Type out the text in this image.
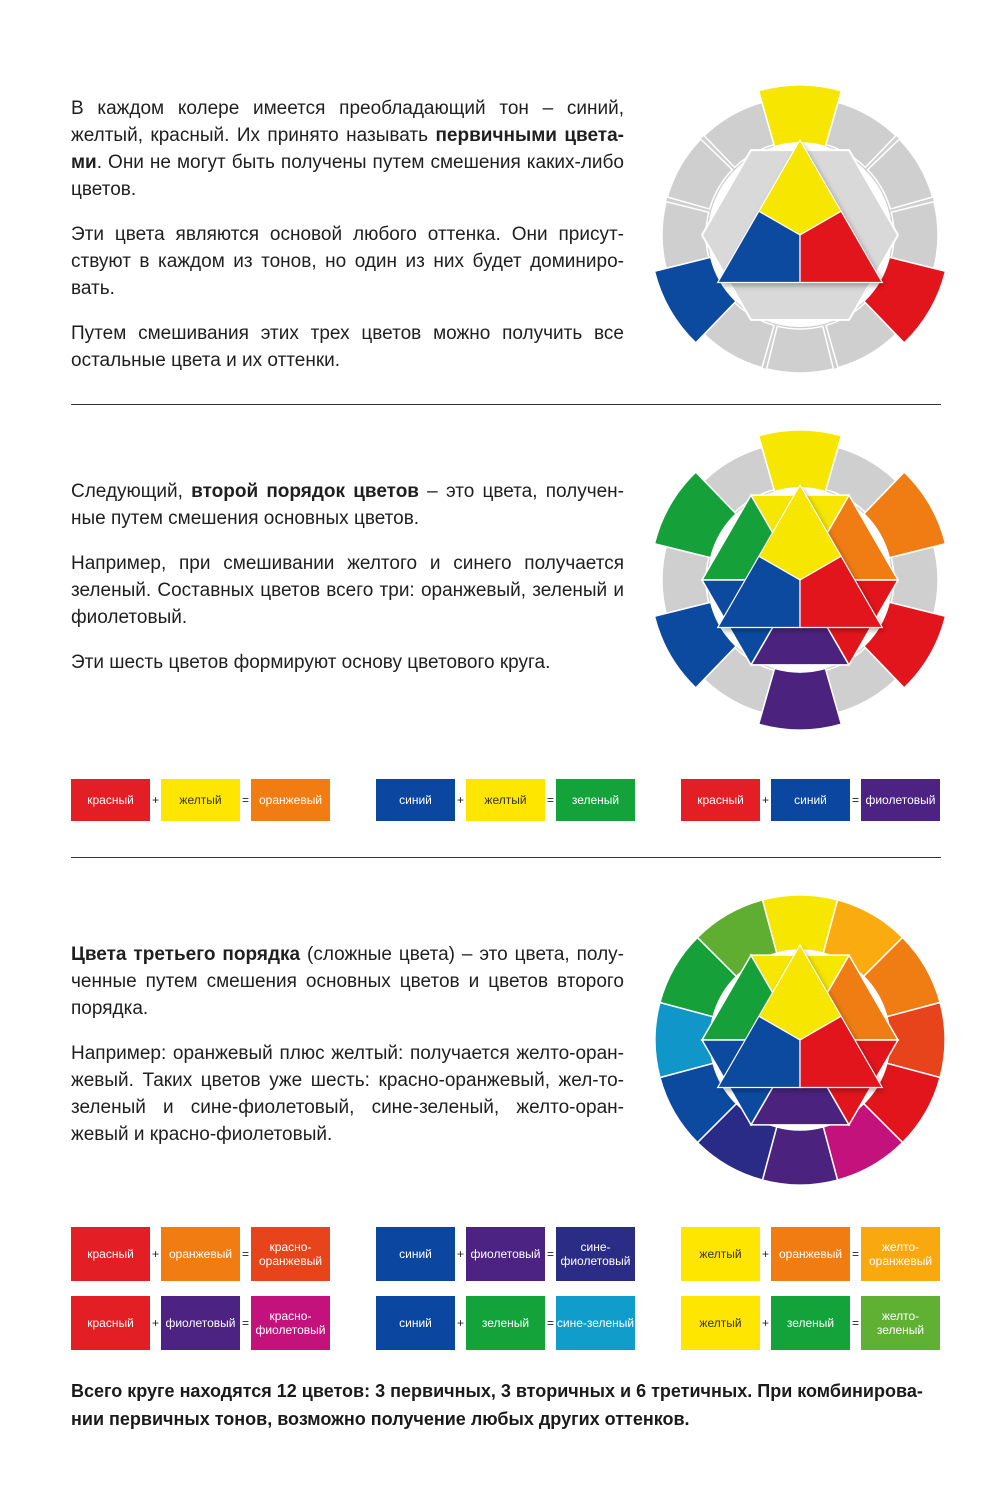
В каждом колере имеется преобладающий тон – синий, желтый, красный. Их принято называть первичными цвета-ми. Они не могут быть получены путем смешения каких-либо цветов.

Эти цвета являются основой любого оттенка. Они присут-ствуют в каждом из тонов, но один из них будет доминиро-вать.

Путем смешивания этих трех цветов можно получить все остальные цвета и их оттенки.

Следующий, второй порядок цветов – это цвета, получен-ные путем смешения основных цветов.

Например, при смешивании желтого и синего получается зеленый. Составных цветов всего три: оранжевый, зеленый и фиолетовый.

Эти шесть цветов формируют основу цветового круга.

красный	+	желтый	= оранжевый	синий	+	желтый	=	зеленый	красный	+	синий	= фиолетовый

Цвета третьего порядка (сложные цвета) – это цвета, полу-ченные путем смешения основных цветов и цветов второго порядка.

Например: оранжевый плюс желтый: получается желто-оран-жевый. Таких цветов уже шесть: красно-оранжевый, жел-то-зеленый и сине-фиолетовый, сине-зеленый, желто-оран-жевый и красно-фиолетовый.

красный	+ оранжевый =	красно-оранжевый	синий	+ фиолетовый =	сине-фиолетовый	желтый	+ оранжевый =	желто-оранжевый
красный	+ фиолетовый =	красно-фиолетовый	синий	+	зеленый	= сине-зеленый	желтый	+	зеленый	=	желто-зеленый
Всего круге находятся 12 цветов: 3 первичных, 3 вторичных и 6 третичных. При комбинирова-нии первичных тонов, возможно получение любых других оттенков.
